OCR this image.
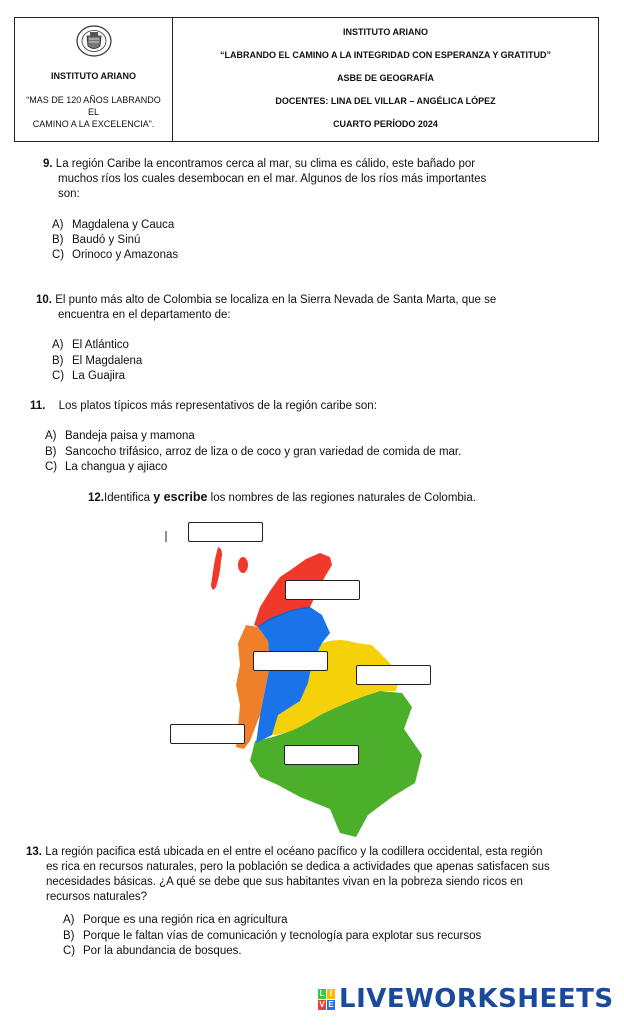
INSTITUTO ARIANO
“MAS DE 120 AÑOS LABRANDO
EL
CAMINO A LA EXCELENCIA”.
INSTITUTO ARIANO
“LABRANDO EL CAMINO A LA INTEGRIDAD CON ESPERANZA Y GRATITUD”
ASBE DE GEOGRAFÍA
DOCENTES: LINA DEL VILLAR – ANGÉLICA LÓPEZ
CUARTO PERÍODO 2024
9. La región Caribe la encontramos cerca al mar, su clima es cálido, este bañado por
muchos ríos los cuales desembocan en el mar. Algunos de los ríos más importantes
son:
A) Magdalena y Cauca
B) Baudó y Sinú
C) Orinoco y Amazonas
10. El punto más alto de Colombia se localiza en la Sierra Nevada de Santa Marta, que se
encuentra en el departamento de:
A) El Atlántico
B) El Magdalena
C) La Guajira
11. Los platos típicos más representativos de la región caribe son:
A) Bandeja paisa y mamona
B) Sancocho trifásico, arroz de liza o de coco y gran variedad de comida de mar.
C) La changua y ajiaco
12.Identifica y escribe los nombres de las regiones naturales de Colombia.
13. La región pacifica está ubicada en el entre el océano pacífico y la codillera occidental, esta región
es rica en recursos naturales, pero la población se dedica a actividades que apenas satisfacen sus
necesidades básicas. ¿A qué se debe que sus habitantes vivan en la pobreza siendo ricos en
recursos naturales?
A) Porque es una región rica en agricultura
B) Porque le faltan vías de comunicación y tecnología para explotar sus recursos
C) Por la abundancia de bosques.
L I
V E LIVEWORKSHEETS
